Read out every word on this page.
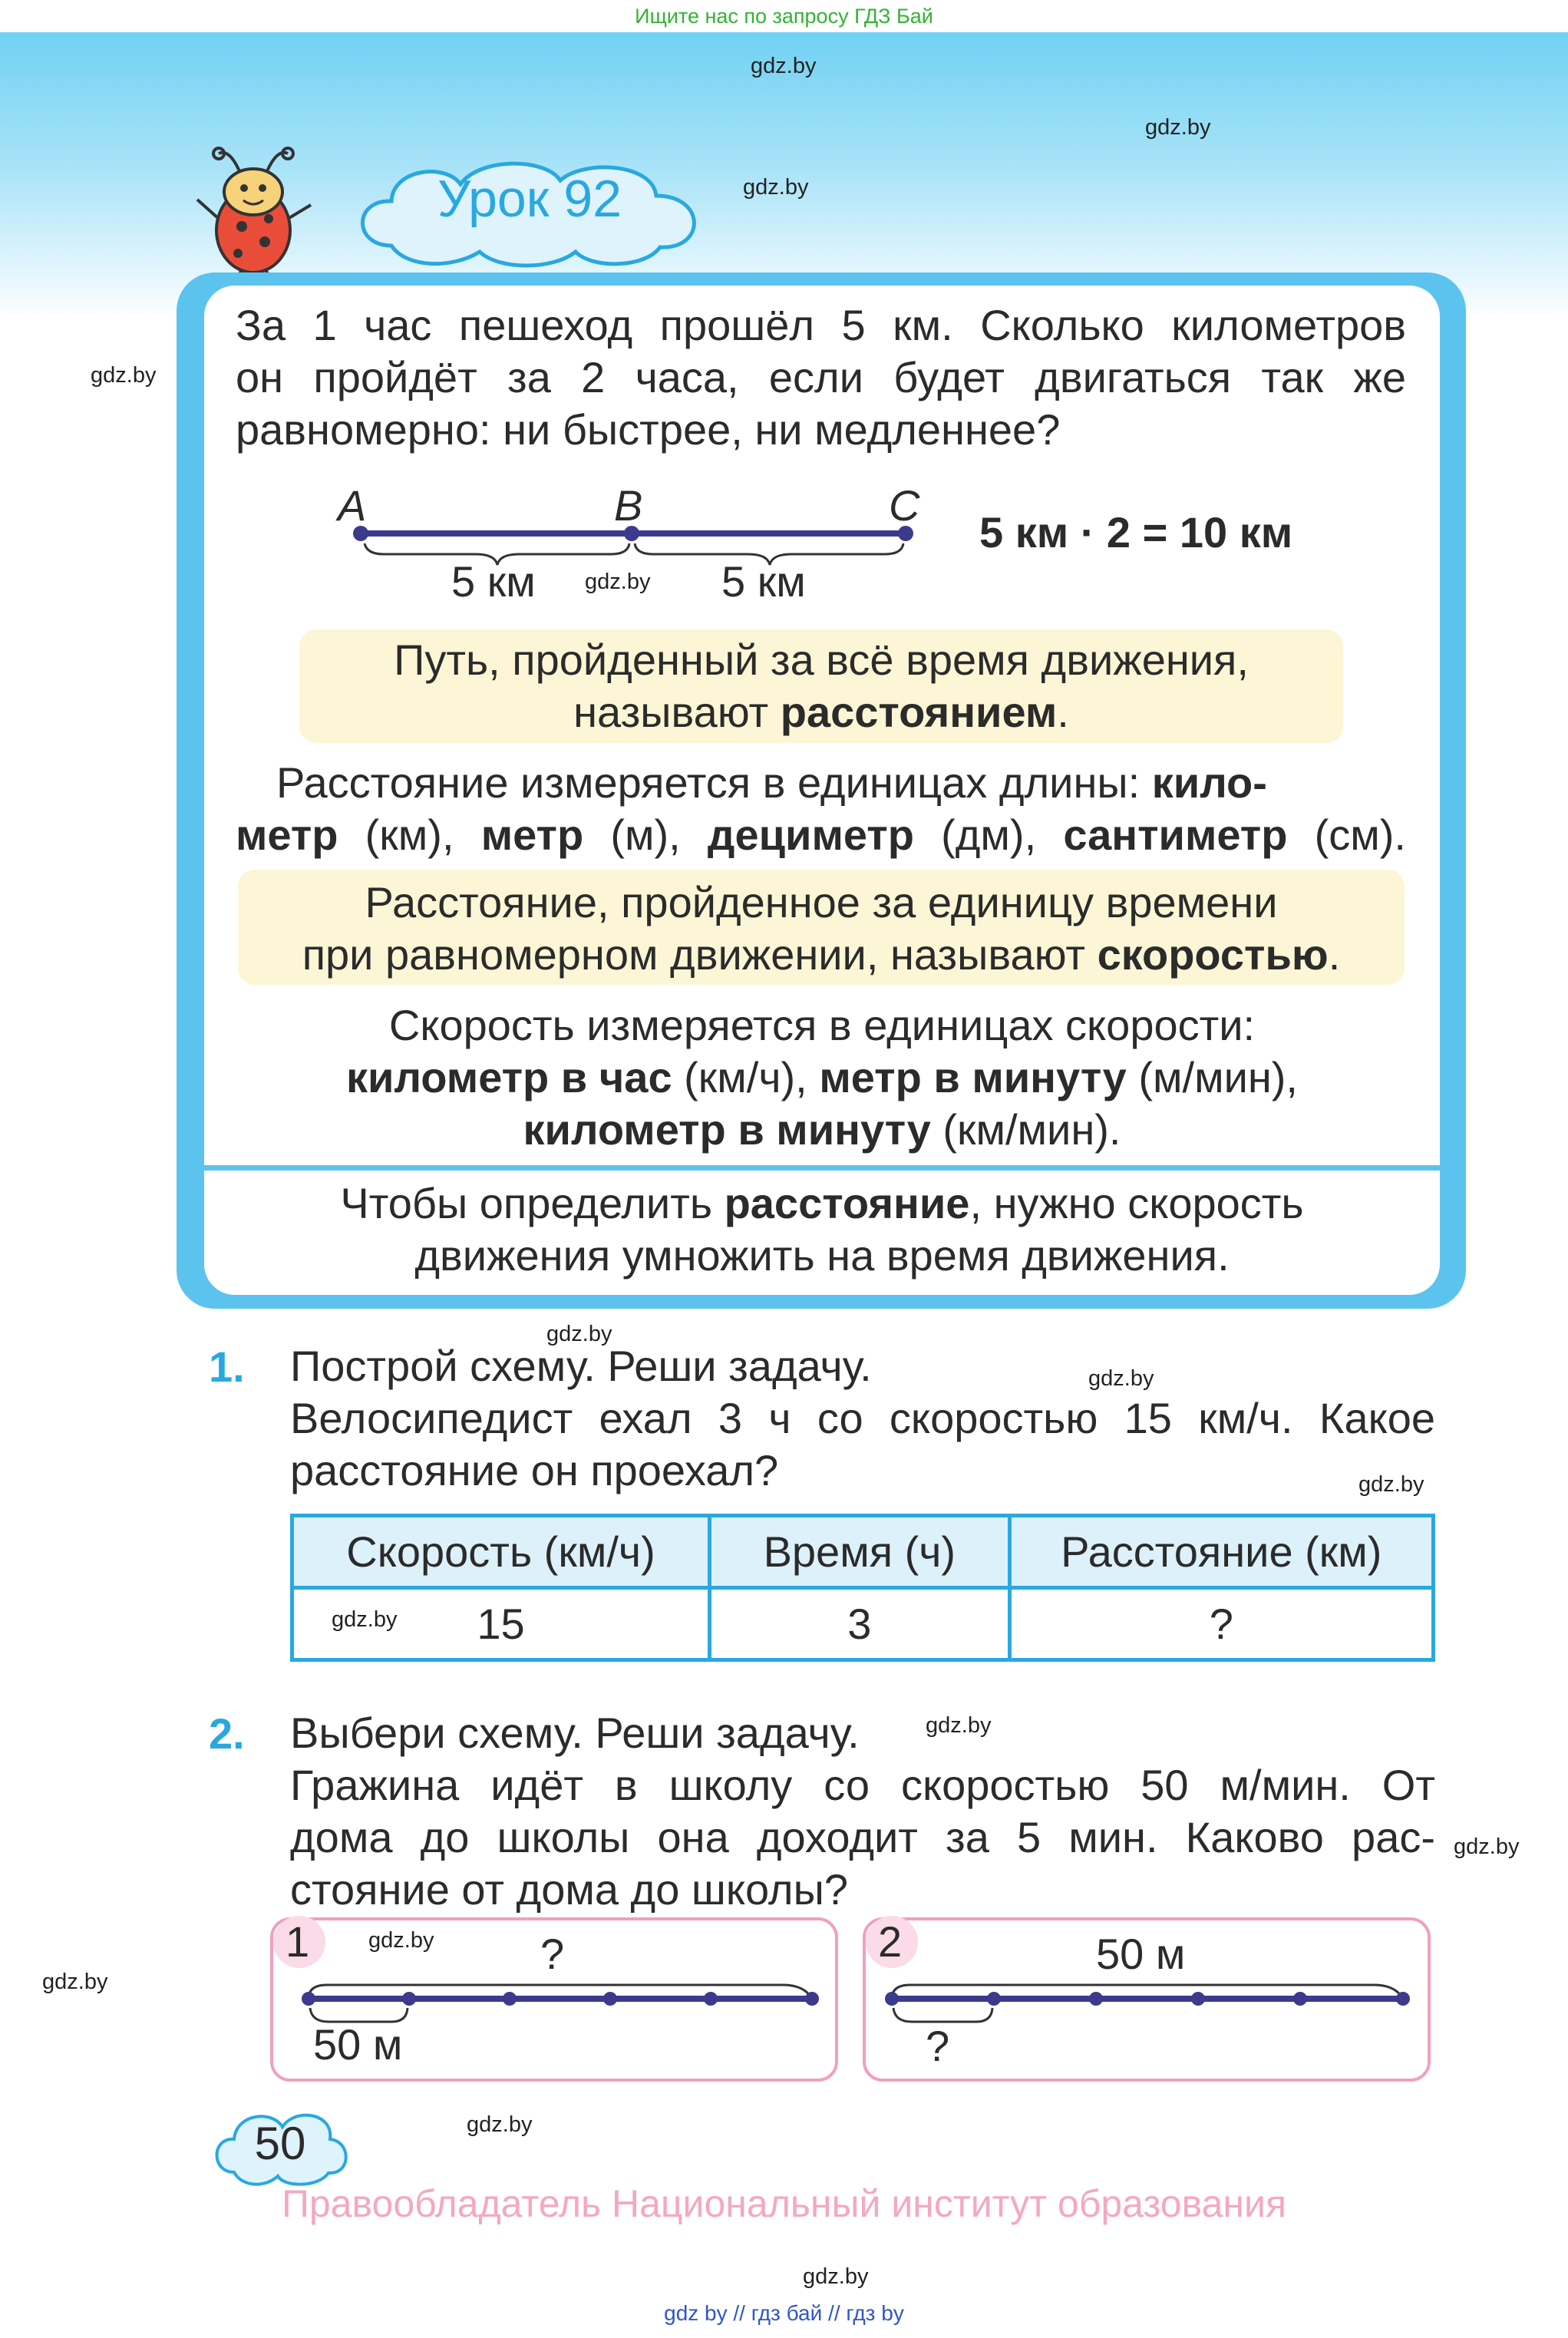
Ищите нас по запросу ГДЗ Бай
gdz.by
gdz.by
gdz.by
gdz.by
gdz.by
gdz.by
gdz.by
gdz.by
gdz.by
gdz.by
gdz.by
gdz.by
Урок 92
За 1 час пешеход прошёл 5 км. Сколько километров
он пройдёт за 2 часа, если будет двигаться так же
равномерно: ни быстрее, ни медленнее?
A	B	C
5 км	5 км
gdz.by
5 км · 2 = 10 км
Путь, пройденный за всё время движения,
называют расстоянием.
Расстояние измеряется в единицах длины: кило-
метр (км), метр (м), дециметр (дм), сантиметр (см).
Расстояние, пройденное за единицу времени
при равномерном движении, называют скоростью.
Скорость измеряется в единицах скорости:
километр в час (км/ч), метр в минуту (м/мин),
километр в минуту (км/мин).
Чтобы определить расстояние, нужно скорость
движения умножить на время движения.
1. Построй схему. Реши задачу.
Велосипедист ехал 3 ч со скоростью 15 км/ч. Какое
расстояние он проехал?
Скорость (км/ч)	Время (ч)	Расстояние (км)
15	3	?
gdz.by
2. Выбери схему. Реши задачу.
Гражина идёт в школу со скоростью 50 м/мин. От
дома до школы она доходит за 5 мин. Каково рас-
стояние от дома до школы?
1	gdz.by ?
50 м
2	50 м
?
50
Правообладатель Национальный институт образования
gdz by // гдз бай // гдз by
